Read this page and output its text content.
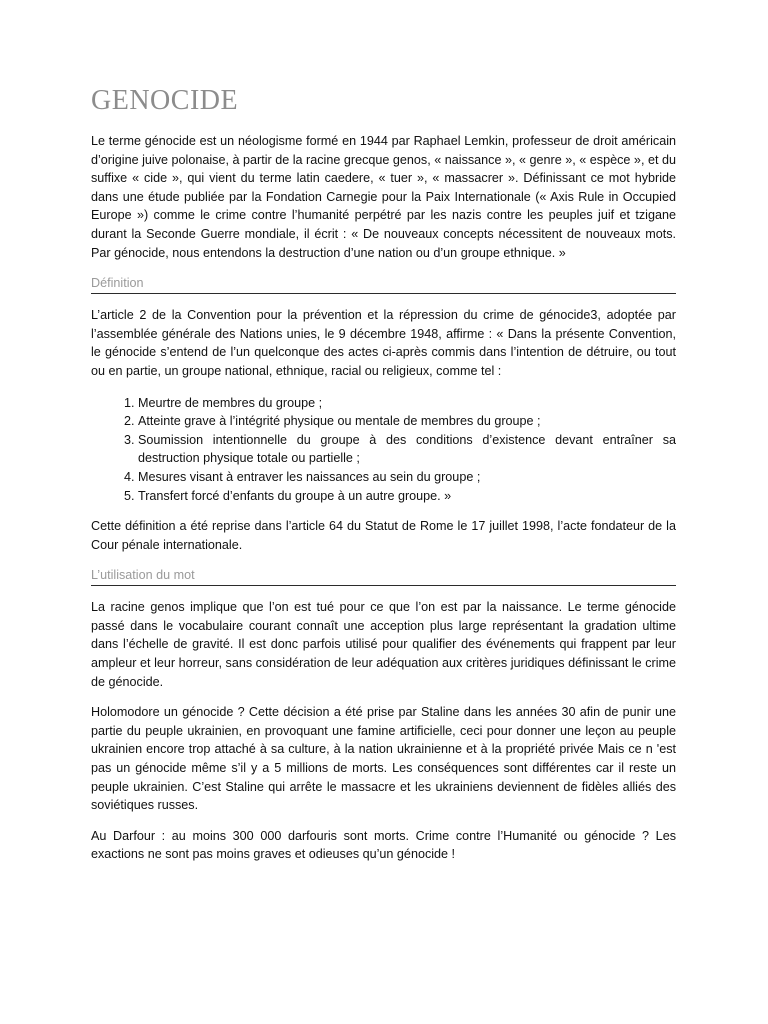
GENOCIDE

Le terme génocide est un néologisme formé en 1944 par Raphael Lemkin, professeur de droit américain d’origine juive polonaise, à partir de la racine grecque genos, « naissance », « genre », « espèce », et du suffixe « cide », qui vient du terme latin caedere, « tuer », « massacrer ». Définissant ce mot hybride dans une étude publiée par la Fondation Carnegie pour la Paix Internationale (« Axis Rule in Occupied Europe ») comme le crime contre l’humanité perpétré par les nazis contre les peuples juif et tzigane durant la Seconde Guerre mondiale, il écrit : « De nouveaux concepts nécessitent de nouveaux mots. Par génocide, nous entendons la destruction d’une nation ou d’un groupe ethnique. »

Définition

L’article 2 de la Convention pour la prévention et la répression du crime de génocide3, adoptée par l’assemblée générale des Nations unies, le 9 décembre 1948, affirme : « Dans la présente Convention, le génocide s’entend de l’un quelconque des actes ci-après commis dans l’intention de détruire, ou tout ou en partie, un groupe national, ethnique, racial ou religieux, comme tel :

1. Meurtre de membres du groupe ;
2. Atteinte grave à l’intégrité physique ou mentale de membres du groupe ;
3. Soumission intentionnelle du groupe à des conditions d’existence devant entraîner sa destruction physique totale ou partielle ;
4. Mesures visant à entraver les naissances au sein du groupe ;
5. Transfert forcé d’enfants du groupe à un autre groupe. »

Cette définition a été reprise dans l’article 64 du Statut de Rome le 17 juillet 1998, l’acte fondateur de la Cour pénale internationale.

L’utilisation du mot

La racine genos implique que l’on est tué pour ce que l’on est par la naissance. Le terme génocide passé dans le vocabulaire courant connaît une acception plus large représentant la gradation ultime dans l’échelle de gravité. Il est donc parfois utilisé pour qualifier des événements qui frappent par leur ampleur et leur horreur, sans considération de leur adéquation aux critères juridiques définissant le crime de génocide.

Holomodore un génocide ? Cette décision a été prise par Staline dans les années 30 afin de punir une partie du peuple ukrainien, en provoquant une famine artificielle, ceci pour donner une leçon au peuple ukrainien encore trop attaché à sa culture, à la nation ukrainienne et à la propriété privée Mais ce n 'est pas un génocide même s’il y a 5 millions de morts. Les conséquences sont différentes car il reste un peuple ukrainien. C’est Staline qui arrête le massacre et les ukrainiens deviennent de fidèles alliés des soviétiques russes.

Au Darfour : au moins 300 000 darfouris sont morts. Crime contre l’Humanité ou génocide ? Les exactions ne sont pas moins graves et odieuses qu’un génocide !
